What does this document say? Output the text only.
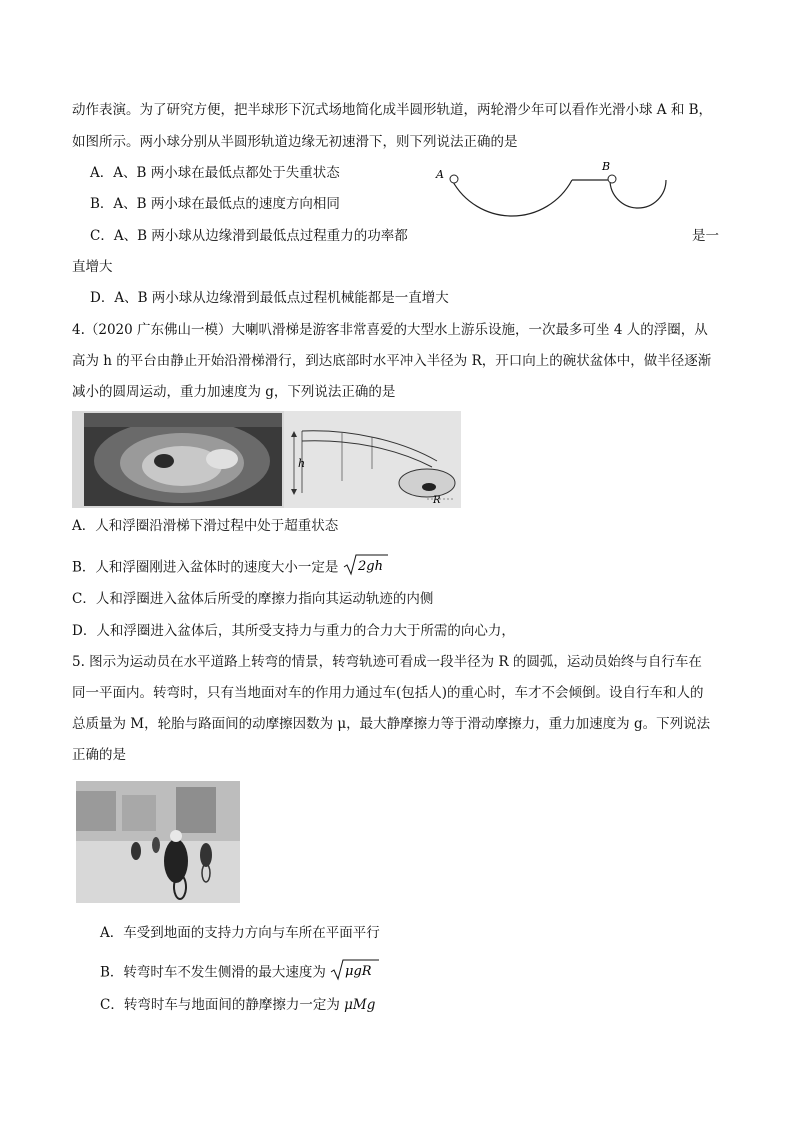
动作表演。为了研究方便，把半球形下沉式场地简化成半圆形轨道，两轮滑少年可以看作光滑小球 A 和 B，
如图所示。两小球分别从半圆形轨道边缘无初速滑下，则下列说法正确的是
A．A、B 两小球在最低点都处于失重状态
B．A、B 两小球在最低点的速度方向相同
C．A、B 两小球从边缘滑到最低点过程重力的功率都	是一
直增大
D．A、B 两小球从边缘滑到最低点过程机械能都是一直增大
A
B
4.（2020 广东佛山一模）大喇叭滑梯是游客非常喜爱的大型水上游乐设施，一次最多可坐 4 人的浮圈，从
高为 h 的平台由静止开始沿滑梯滑行，到达底部时水平冲入半径为 R，开口向上的碗状盆体中，做半径逐渐
减小的圆周运动，重力加速度为 g，下列说法正确的是
h
R
A．人和浮圈沿滑梯下滑过程中处于超重状态
B．人和浮圈刚进入盆体时的速度大小一定是 2gh
C．人和浮圈进入盆体后所受的摩擦力指向其运动轨迹的内侧
D．人和浮圈进入盆体后，其所受支持力与重力的合力大于所需的向心力，
5. 图示为运动员在水平道路上转弯的情景，转弯轨迹可看成一段半径为 R 的圆弧，运动员始终与自行车在
同一平面内。转弯时，只有当地面对车的作用力通过车(包括人)的重心时，车才不会倾倒。设自行车和人的
总质量为 M，轮胎与路面间的动摩擦因数为 μ，最大静摩擦力等于滑动摩擦力，重力加速度为 g。下列说法
正确的是
A．车受到地面的支持力方向与车所在平面平行
B．转弯时车不发生侧滑的最大速度为 μgR
C．转弯时车与地面间的静摩擦力一定为 μMg
